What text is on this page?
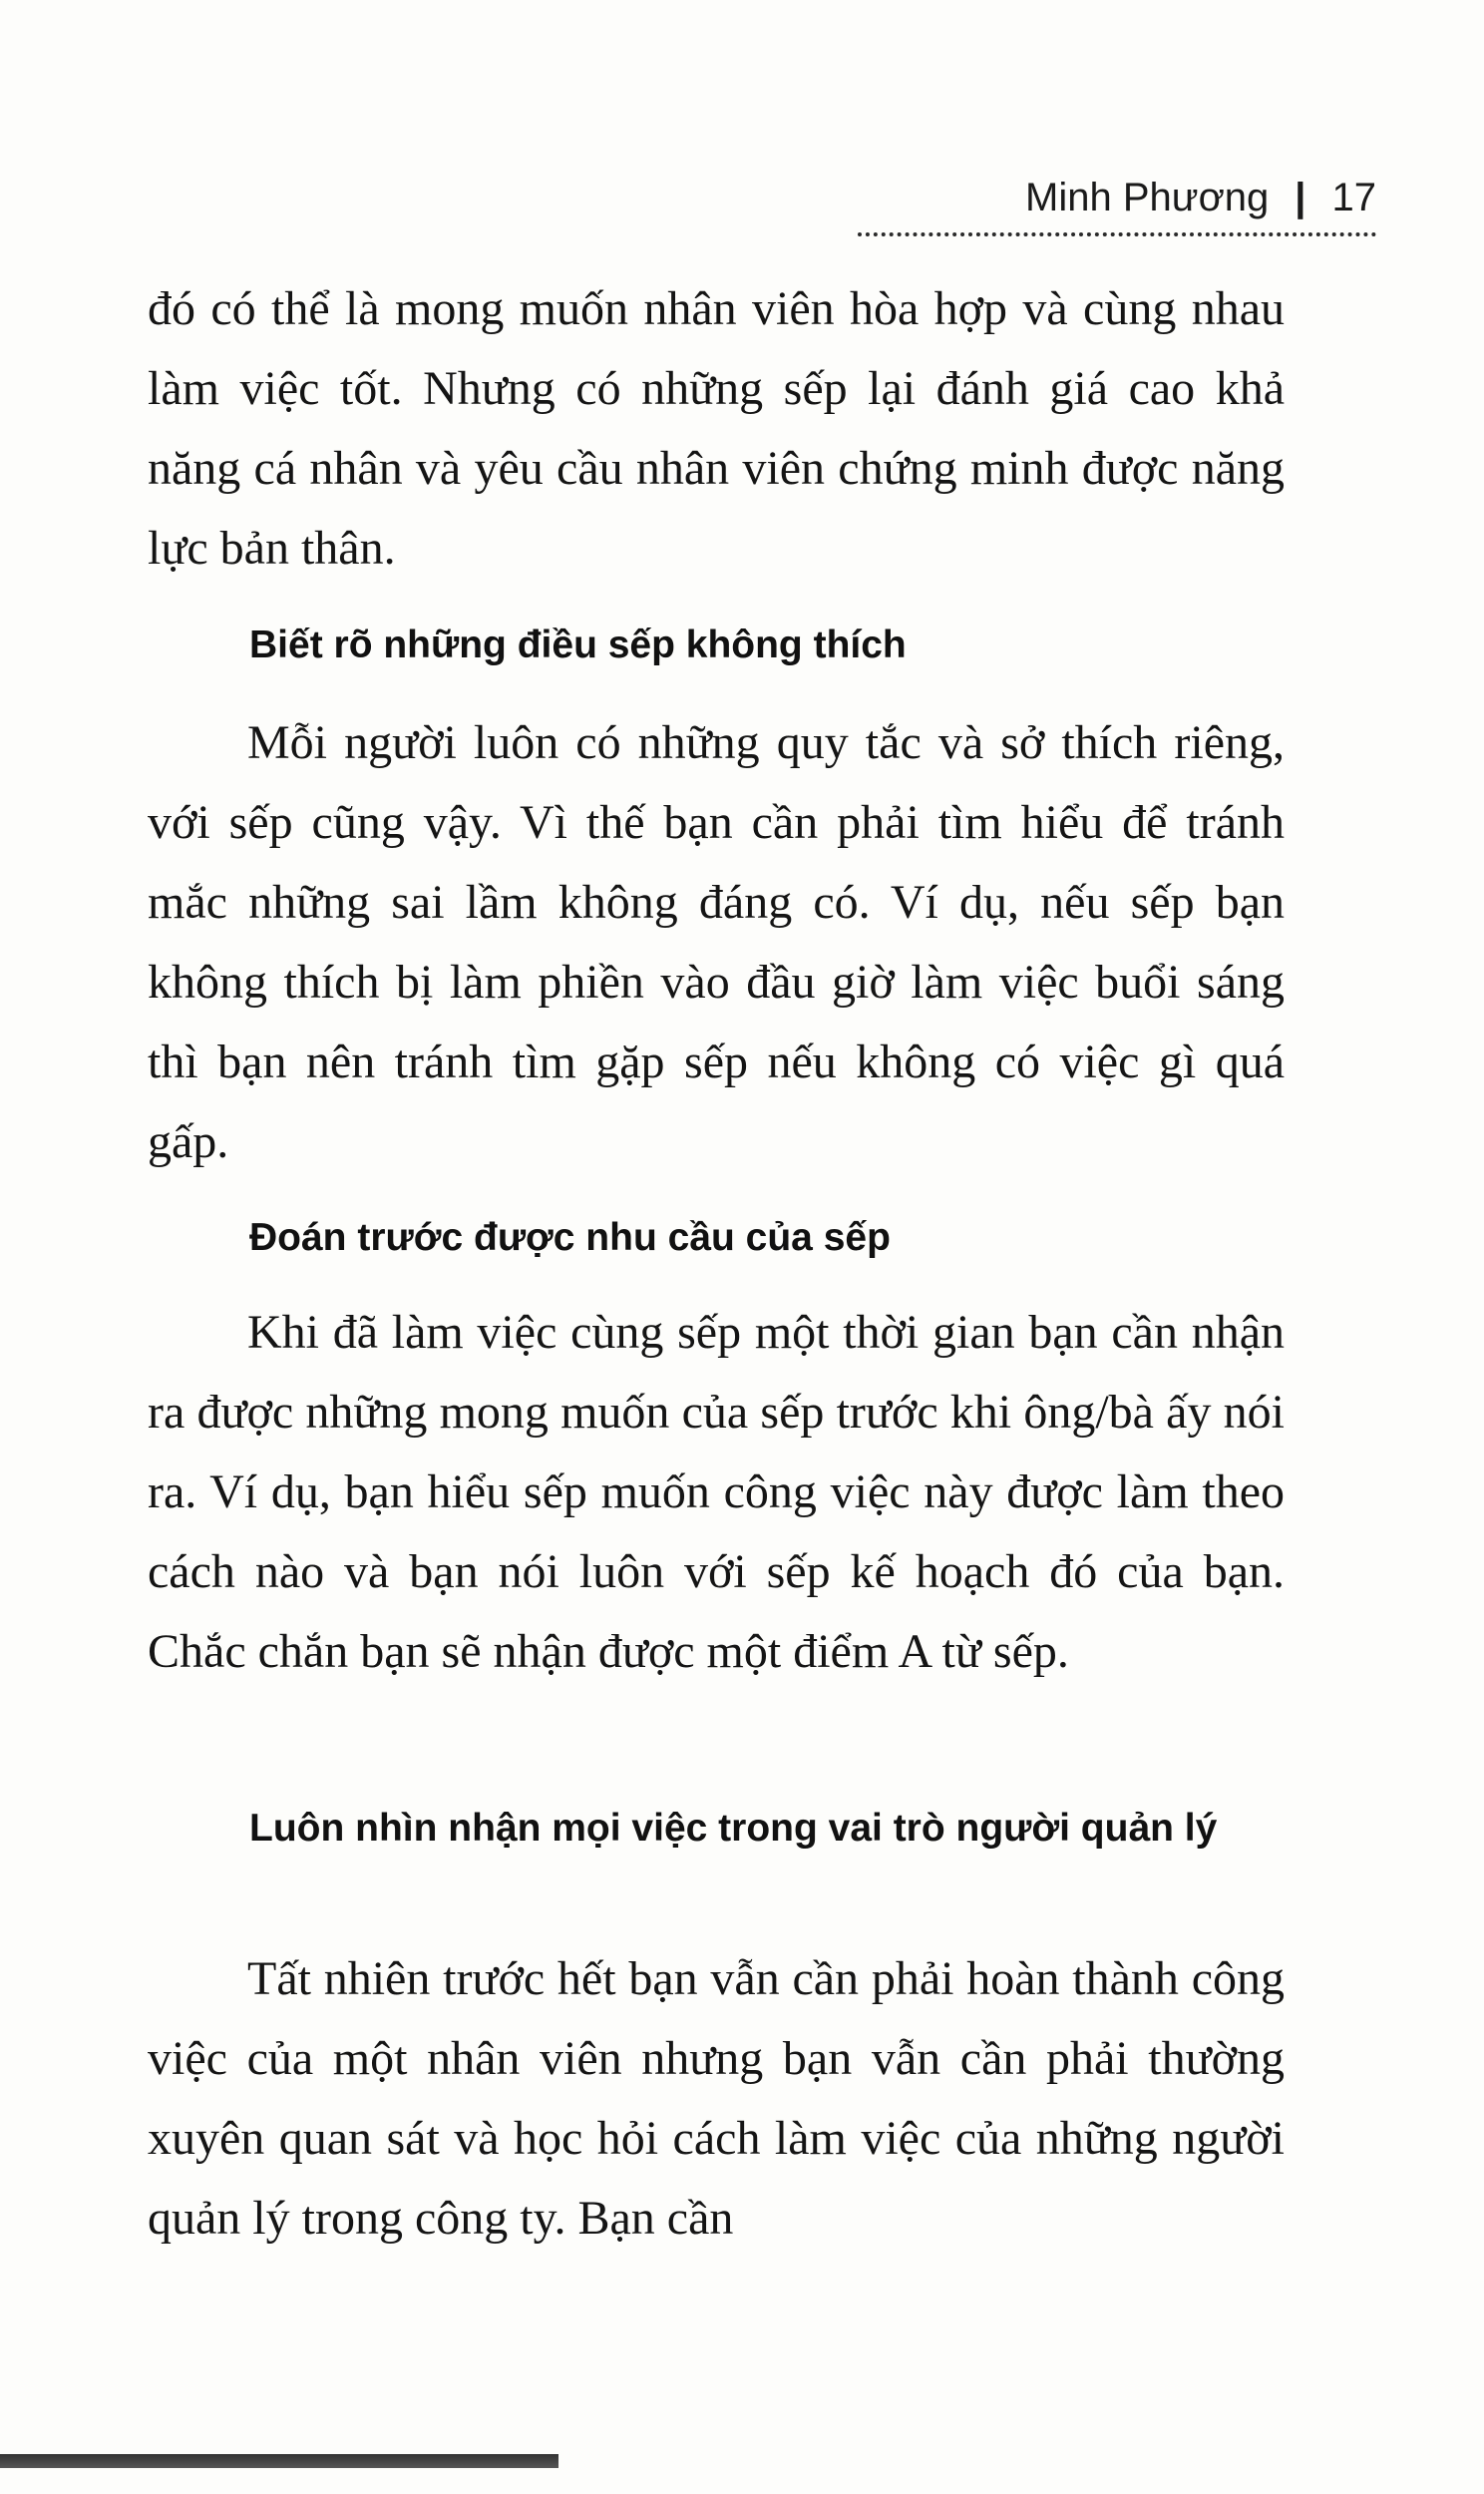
Minh Phương | 17

đó có thể là mong muốn nhân viên hòa hợp và cùng nhau làm việc tốt. Nhưng có những sếp lại đánh giá cao khả năng cá nhân và yêu cầu nhân viên chứng minh được năng lực bản thân.

Biết rõ những điều sếp không thích

Mỗi người luôn có những quy tắc và sở thích riêng, với sếp cũng vậy. Vì thế bạn cần phải tìm hiểu để tránh mắc những sai lầm không đáng có. Ví dụ, nếu sếp bạn không thích bị làm phiền vào đầu giờ làm việc buổi sáng thì bạn nên tránh tìm gặp sếp nếu không có việc gì quá gấp.

Đoán trước được nhu cầu của sếp

Khi đã làm việc cùng sếp một thời gian bạn cần nhận ra được những mong muốn của sếp trước khi ông/bà ấy nói ra. Ví dụ, bạn hiểu sếp muốn công việc này được làm theo cách nào và bạn nói luôn với sếp kế hoạch đó của bạn. Chắc chắn bạn sẽ nhận được một điểm A từ sếp.

Luôn nhìn nhận mọi việc trong vai trò người quản lý

Tất nhiên trước hết bạn vẫn cần phải hoàn thành công việc của một nhân viên nhưng bạn vẫn cần phải thường xuyên quan sát và học hỏi cách làm việc của những người quản lý trong công ty. Bạn cần
